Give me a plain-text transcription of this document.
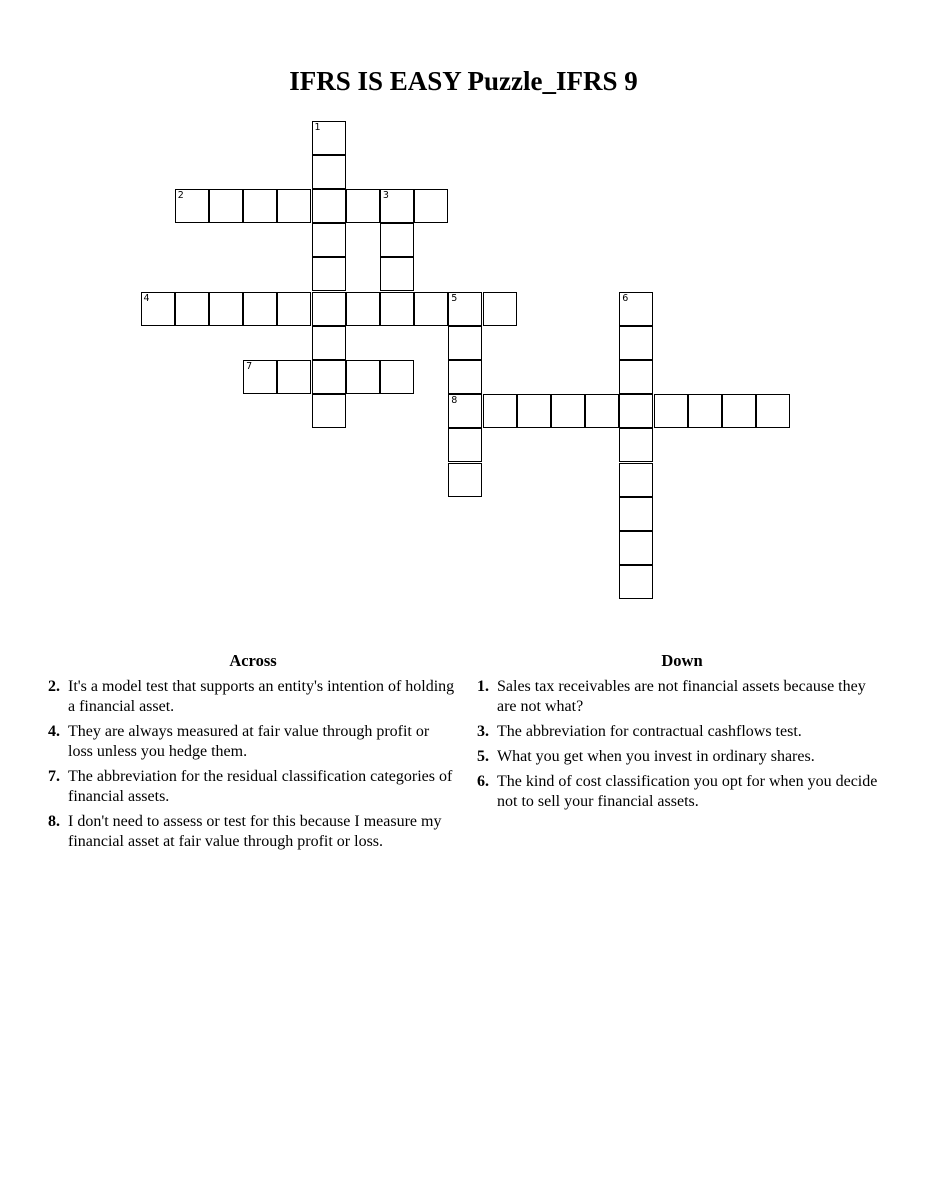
IFRS IS EASY Puzzle_IFRS 9
1
2	3
4	5
8
6
7
Across
2. It's a model test that supports an entity's intention of holding a financial asset.
4. They are always measured at fair value through profit or loss unless you hedge them.
7. The abbreviation for the residual classification categories of financial assets.
8. I don't need to assess or test for this because I measure my financial asset at fair value through profit or loss.
Down
1. Sales tax receivables are not financial assets because they are not what?
3. The abbreviation for contractual cashflows test.
5. What you get when you invest in ordinary shares.
6. The kind of cost classification you opt for when you decide not to sell your financial assets.
